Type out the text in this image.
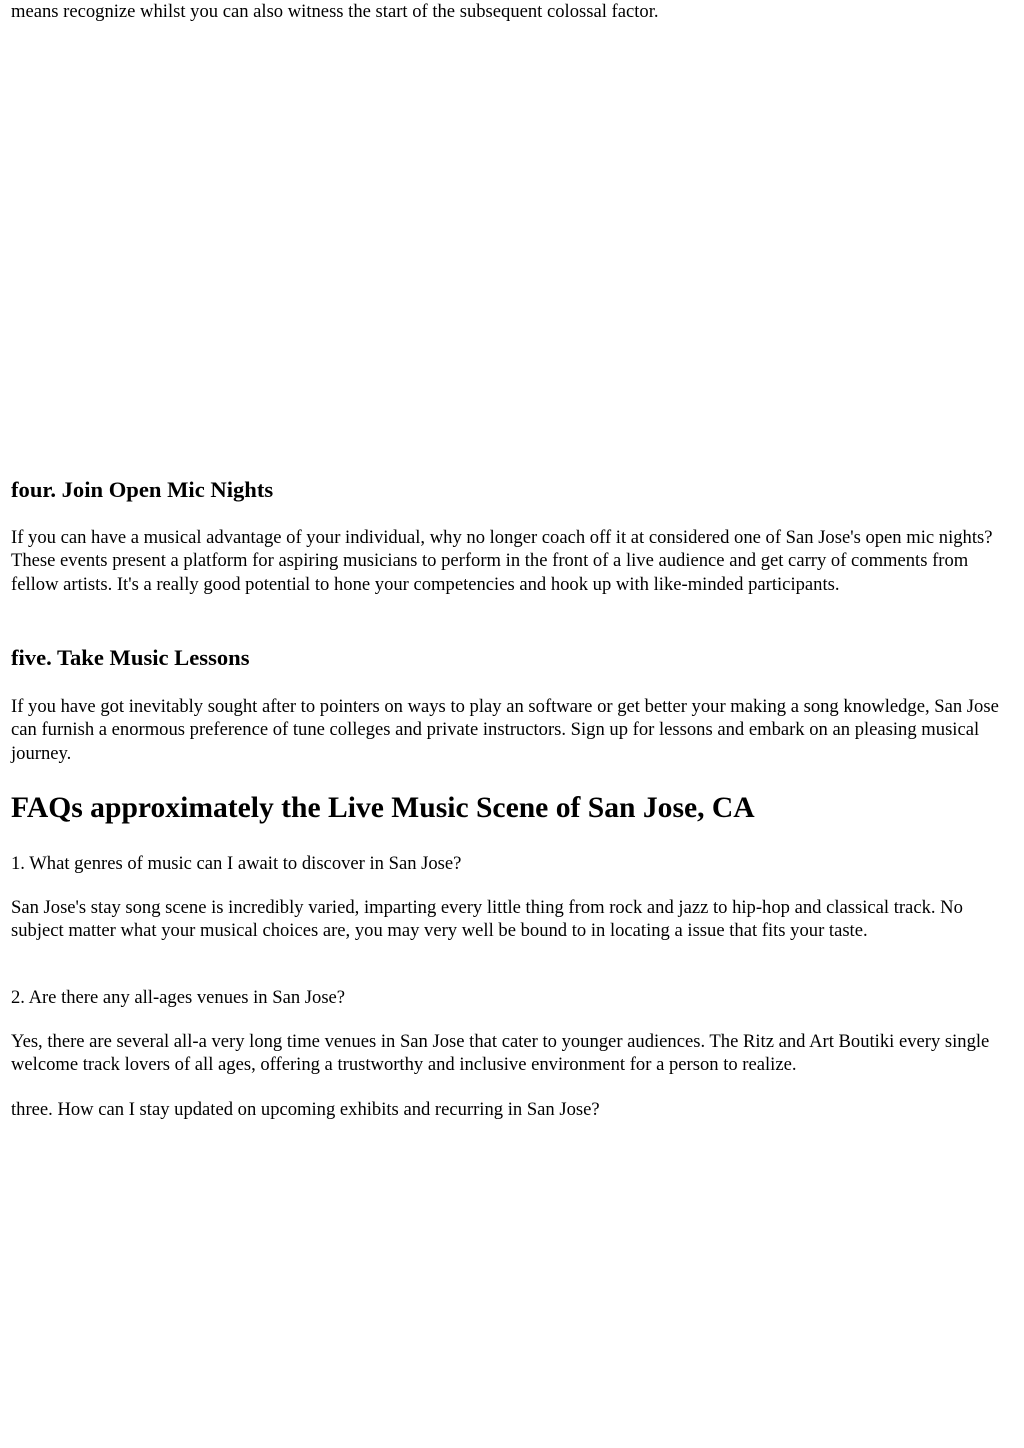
means recognize whilst you can also witness the start of the subsequent colossal factor.

four. Join Open Mic Nights

If you can have a musical advantage of your individual, why no longer coach off it at considered one of San Jose's open mic nights? These events present a platform for aspiring musicians to perform in the front of a live audience and get carry of comments from fellow artists. It's a really good potential to hone your competencies and hook up with like-minded participants.

five. Take Music Lessons

If you have got inevitably sought after to pointers on ways to play an software or get better your making a song knowledge, San Jose can furnish a enormous preference of tune colleges and private instructors. Sign up for lessons and embark on an pleasing musical journey.

FAQs approximately the Live Music Scene of San Jose, CA

1. What genres of music can I await to discover in San Jose?

San Jose's stay song scene is incredibly varied, imparting every little thing from rock and jazz to hip-hop and classical track. No subject matter what your musical choices are, you may very well be bound to in locating a issue that fits your taste.

2. Are there any all-ages venues in San Jose?

Yes, there are several all-a very long time venues in San Jose that cater to younger audiences. The Ritz and Art Boutiki every single welcome track lovers of all ages, offering a trustworthy and inclusive environment for a person to realize.

three. How can I stay updated on upcoming exhibits and recurring in San Jose?
